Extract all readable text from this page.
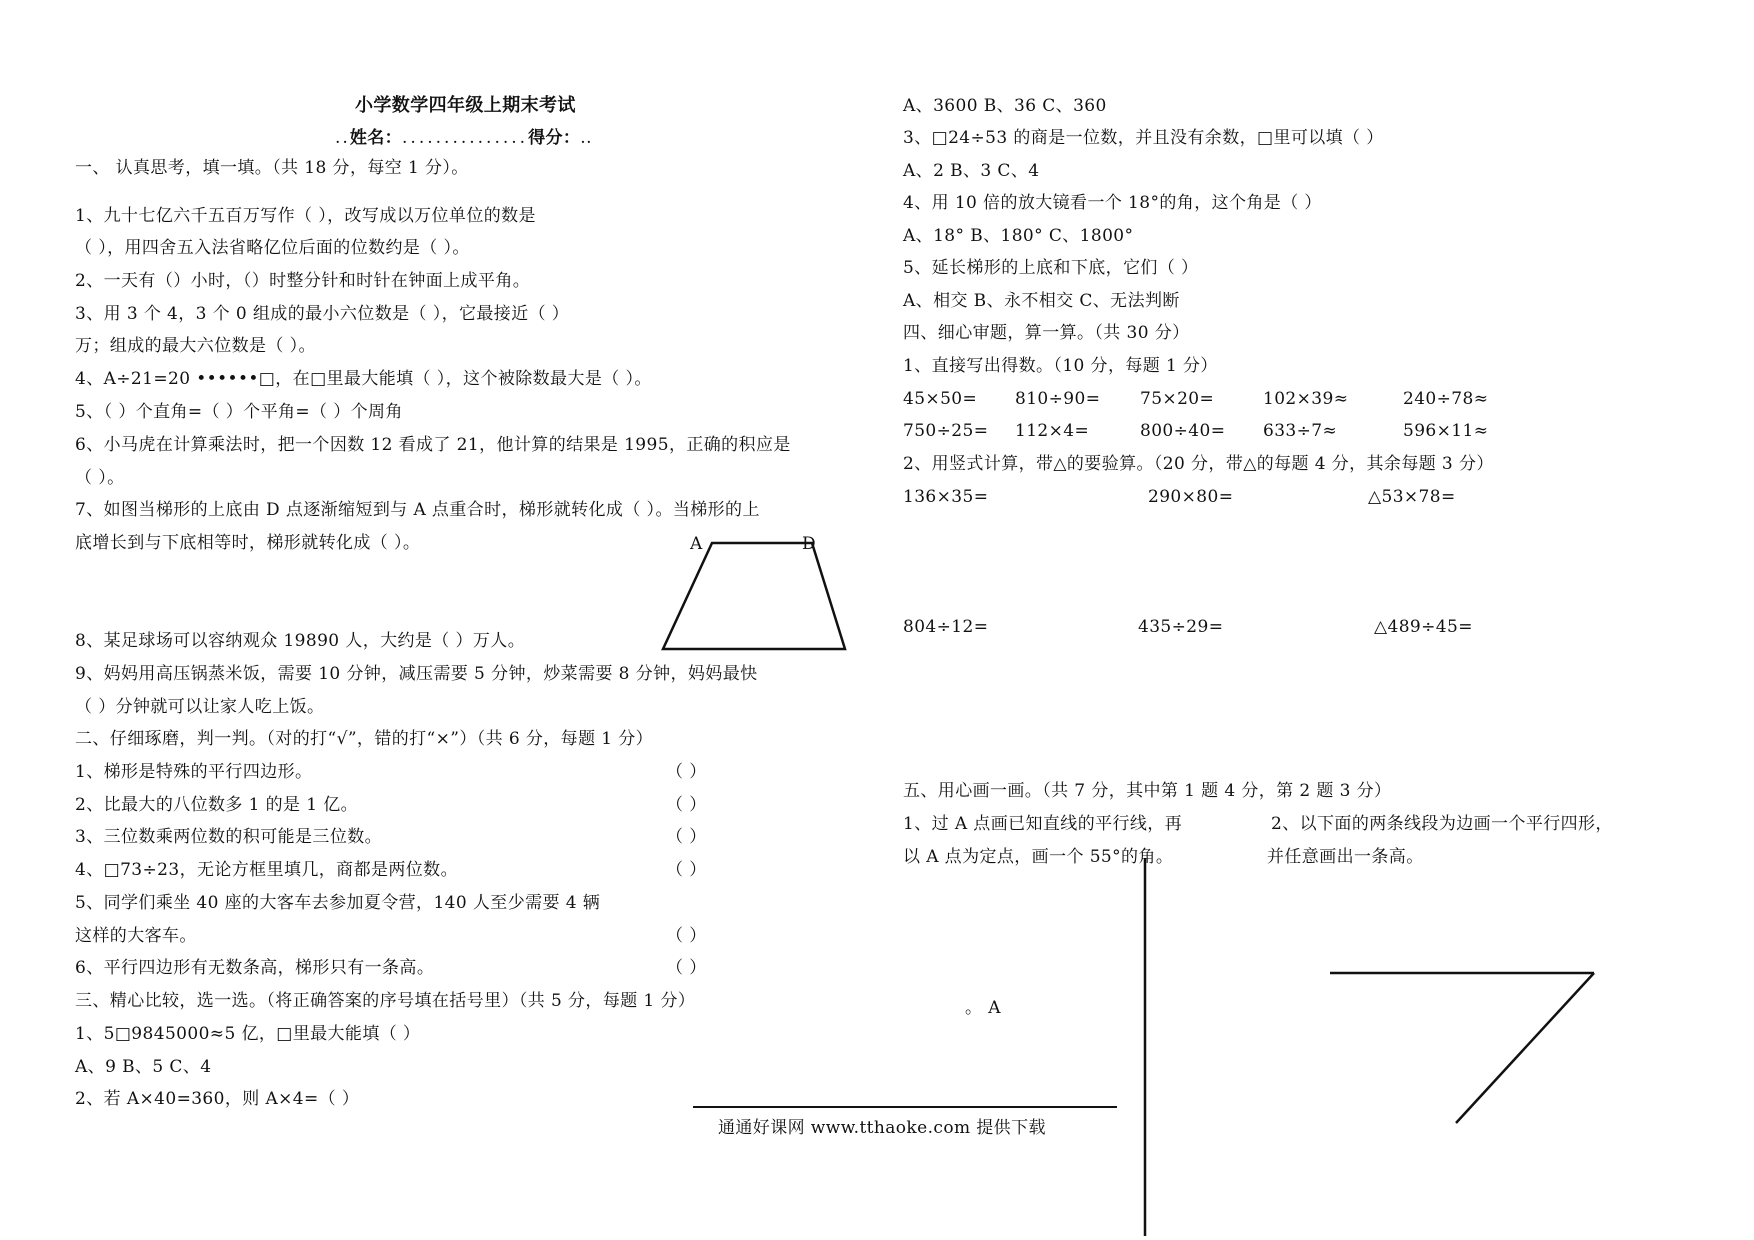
小学数学四年级上期末考试
..姓名：...............得分：..
一、 认真思考，填一填。（共 18 分，每空 1 分）。
1、九十七亿六千五百万写作（ ），改写成以万位单位的数是
（ ），用四舍五入法省略亿位后面的位数约是（ ）。
2、一天有（）小时，（）时整分针和时针在钟面上成平角。
3、用 3 个 4，3 个 0 组成的最小六位数是（ ），它最接近（ ）
万；组成的最大六位数是（ ）。
4、A÷21=20 ••••••□，在□里最大能填（ ），这个被除数最大是（ ）。
5、（ ）个直角=（ ）个平角=（ ）个周角
6、小马虎在计算乘法时，把一个因数 12 看成了 21，他计算的结果是 1995，正确的积应是
（ ）。
7、如图当梯形的上底由 D 点逐渐缩短到与 A 点重合时，梯形就转化成（ ）。当梯形的上
底增长到与下底相等时，梯形就转化成（ ）。	A	D
8、某足球场可以容纳观众 19890 人，大约是（ ）万人。
9、妈妈用高压锅蒸米饭，需要 10 分钟，减压需要 5 分钟，炒菜需要 8 分钟，妈妈最快
（ ）分钟就可以让家人吃上饭。
二、仔细琢磨，判一判。（对的打“√”，错的打“×”）（共 6 分，每题 1 分）
1、梯形是特殊的平行四边形。	（ ）
2、比最大的八位数多 1 的是 1 亿。	（ ）
3、三位数乘两位数的积可能是三位数。	（ ）
4、□73÷23，无论方框里填几，商都是两位数。	（ ）
5、同学们乘坐 40 座的大客车去参加夏令营，140 人至少需要 4 辆
这样的大客车。	（ ）
6、平行四边形有无数条高，梯形只有一条高。	（ ）
三、精心比较，选一选。（将正确答案的序号填在括号里）（共 5 分，每题 1 分）
1、5□9845000≈5 亿，□里最大能填（ ）
A、9 B、5 C、4
2、若 A×40=360，则 A×4=（ ）
A、3600 B、36 C、360
3、□24÷53 的商是一位数，并且没有余数，□里可以填（ ）
A、2 B、3 C、4
4、用 10 倍的放大镜看一个 18°的角，这个角是（ ）
A、18° B、180° C、1800°
5、延长梯形的上底和下底，它们（ ）
A、相交 B、永不相交 C、无法判断
四、细心审题，算一算。（共 30 分）
1、直接写出得数。（10 分，每题 1 分）
45×50= 810÷90= 75×20=	102×39≈	240÷78≈
750÷25= 112×4=	800÷40= 633÷7≈	596×11≈
2、用竖式计算，带△的要验算。（20 分，带△的每题 4 分，其余每题 3 分）
136×35=	290×80=	△53×78=
804÷12=	435÷29=	△489÷45=
五、用心画一画。（共 7 分，其中第 1 题 4 分，第 2 题 3 分）
1、过 A 点画已知直线的平行线，再
以 A 点为定点，画一个 55°的角。
2、以下面的两条线段为边画一个平行四形，
并任意画出一条高。
。 A
通通好课网 www.tthaoke.com 提供下载
